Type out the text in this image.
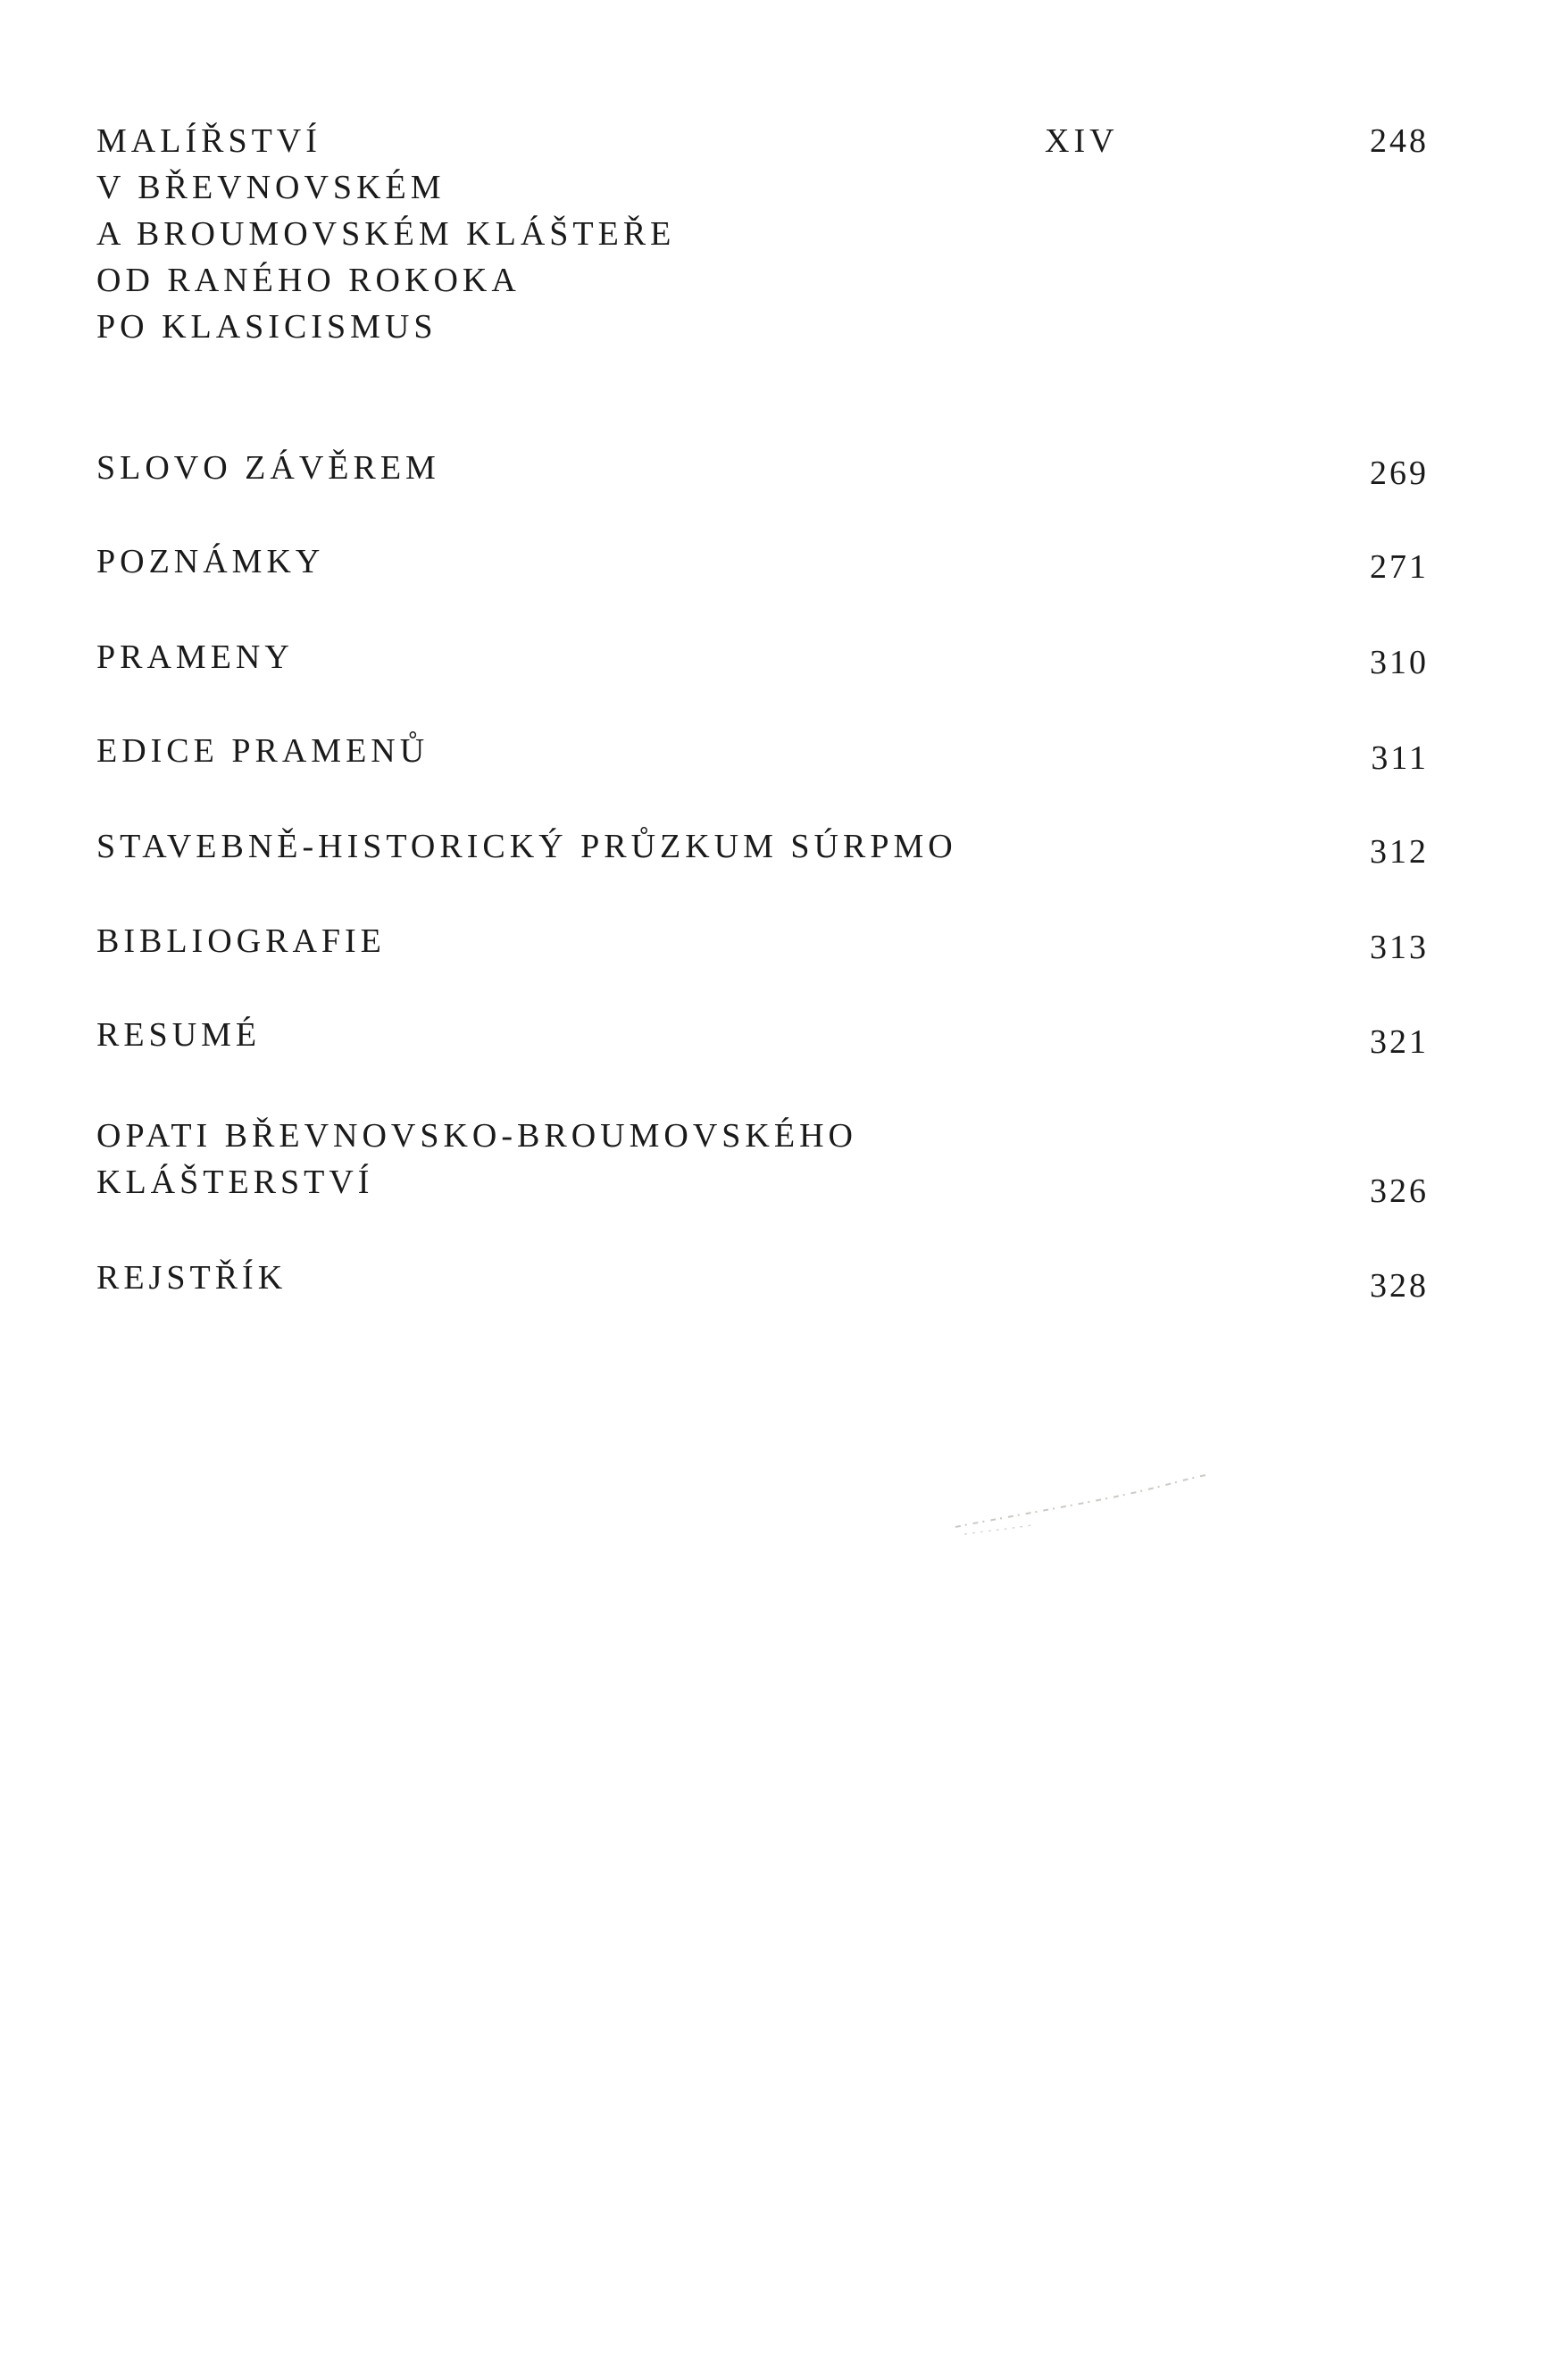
MALÍŘSTVÍ
V BŘEVNOVSKÉM
A BROUMOVSKÉM KLÁŠTEŘE
OD RANÉHO ROKOKA
PO KLASICISMUS
XIV	248
SLOVO ZÁVĚREM	269
POZNÁMKY	271
PRAMENY	310
EDICE PRAMENŮ	311
STAVEBNĚ-HISTORICKÝ PRŮZKUM SÚRPMO	312
BIBLIOGRAFIE	313
RESUMÉ	321
OPATI BŘEVNOVSKO-BROUMOVSKÉHO
KLÁŠTERSTVÍ	326
REJSTŘÍK	328
